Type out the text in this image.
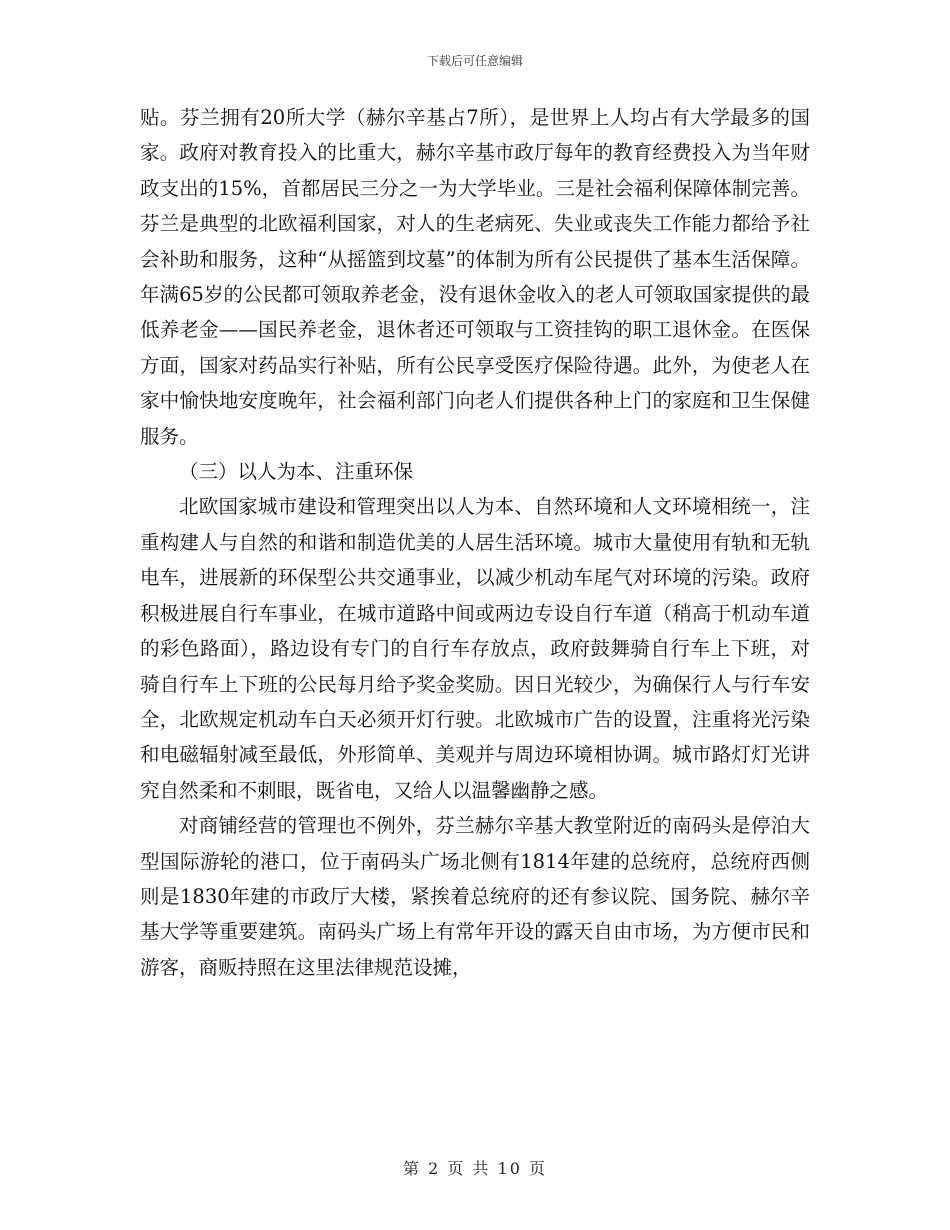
下载后可任意编辑

贴。芬兰拥有20所大学（赫尔辛基占7所），是世界上人均占有大学最多的国家。政府对教育投入的比重大，赫尔辛基市政厅每年的教育经费投入为当年财政支出的15%，首都居民三分之一为大学毕业。三是社会福利保障体制完善。芬兰是典型的北欧福利国家，对人的生老病死、失业或丧失工作能力都给予社会补助和服务，这种“从摇篮到坟墓”的体制为所有公民提供了基本生活保障。年满65岁的公民都可领取养老金，没有退休金收入的老人可领取国家提供的最低养老金——国民养老金，退休者还可领取与工资挂钩的职工退休金。在医保方面，国家对药品实行补贴，所有公民享受医疗保险待遇。此外，为使老人在家中愉快地安度晚年，社会福利部门向老人们提供各种上门的家庭和卫生保健服务。

（三）以人为本、注重环保

北欧国家城市建设和管理突出以人为本、自然环境和人文环境相统一，注重构建人与自然的和谐和制造优美的人居生活环境。城市大量使用有轨和无轨电车，进展新的环保型公共交通事业，以减少机动车尾气对环境的污染。政府积极进展自行车事业，在城市道路中间或两边专设自行车道（稍高于机动车道的彩色路面），路边设有专门的自行车存放点，政府鼓舞骑自行车上下班，对骑自行车上下班的公民每月给予奖金奖励。因日光较少，为确保行人与行车安全，北欧规定机动车白天必须开灯行驶。北欧城市广告的设置，注重将光污染和电磁辐射减至最低，外形简单、美观并与周边环境相协调。城市路灯灯光讲究自然柔和不刺眼，既省电，又给人以温馨幽静之感。

对商铺经营的管理也不例外，芬兰赫尔辛基大教堂附近的南码头是停泊大型国际游轮的港口，位于南码头广场北侧有1814年建的总统府，总统府西侧则是1830年建的市政厅大楼，紧挨着总统府的还有参议院、国务院、赫尔辛基大学等重要建筑。南码头广场上有常年开设的露天自由市场，为方便市民和游客，商贩持照在这里法律规范设摊，

第 2 页 共 10 页
